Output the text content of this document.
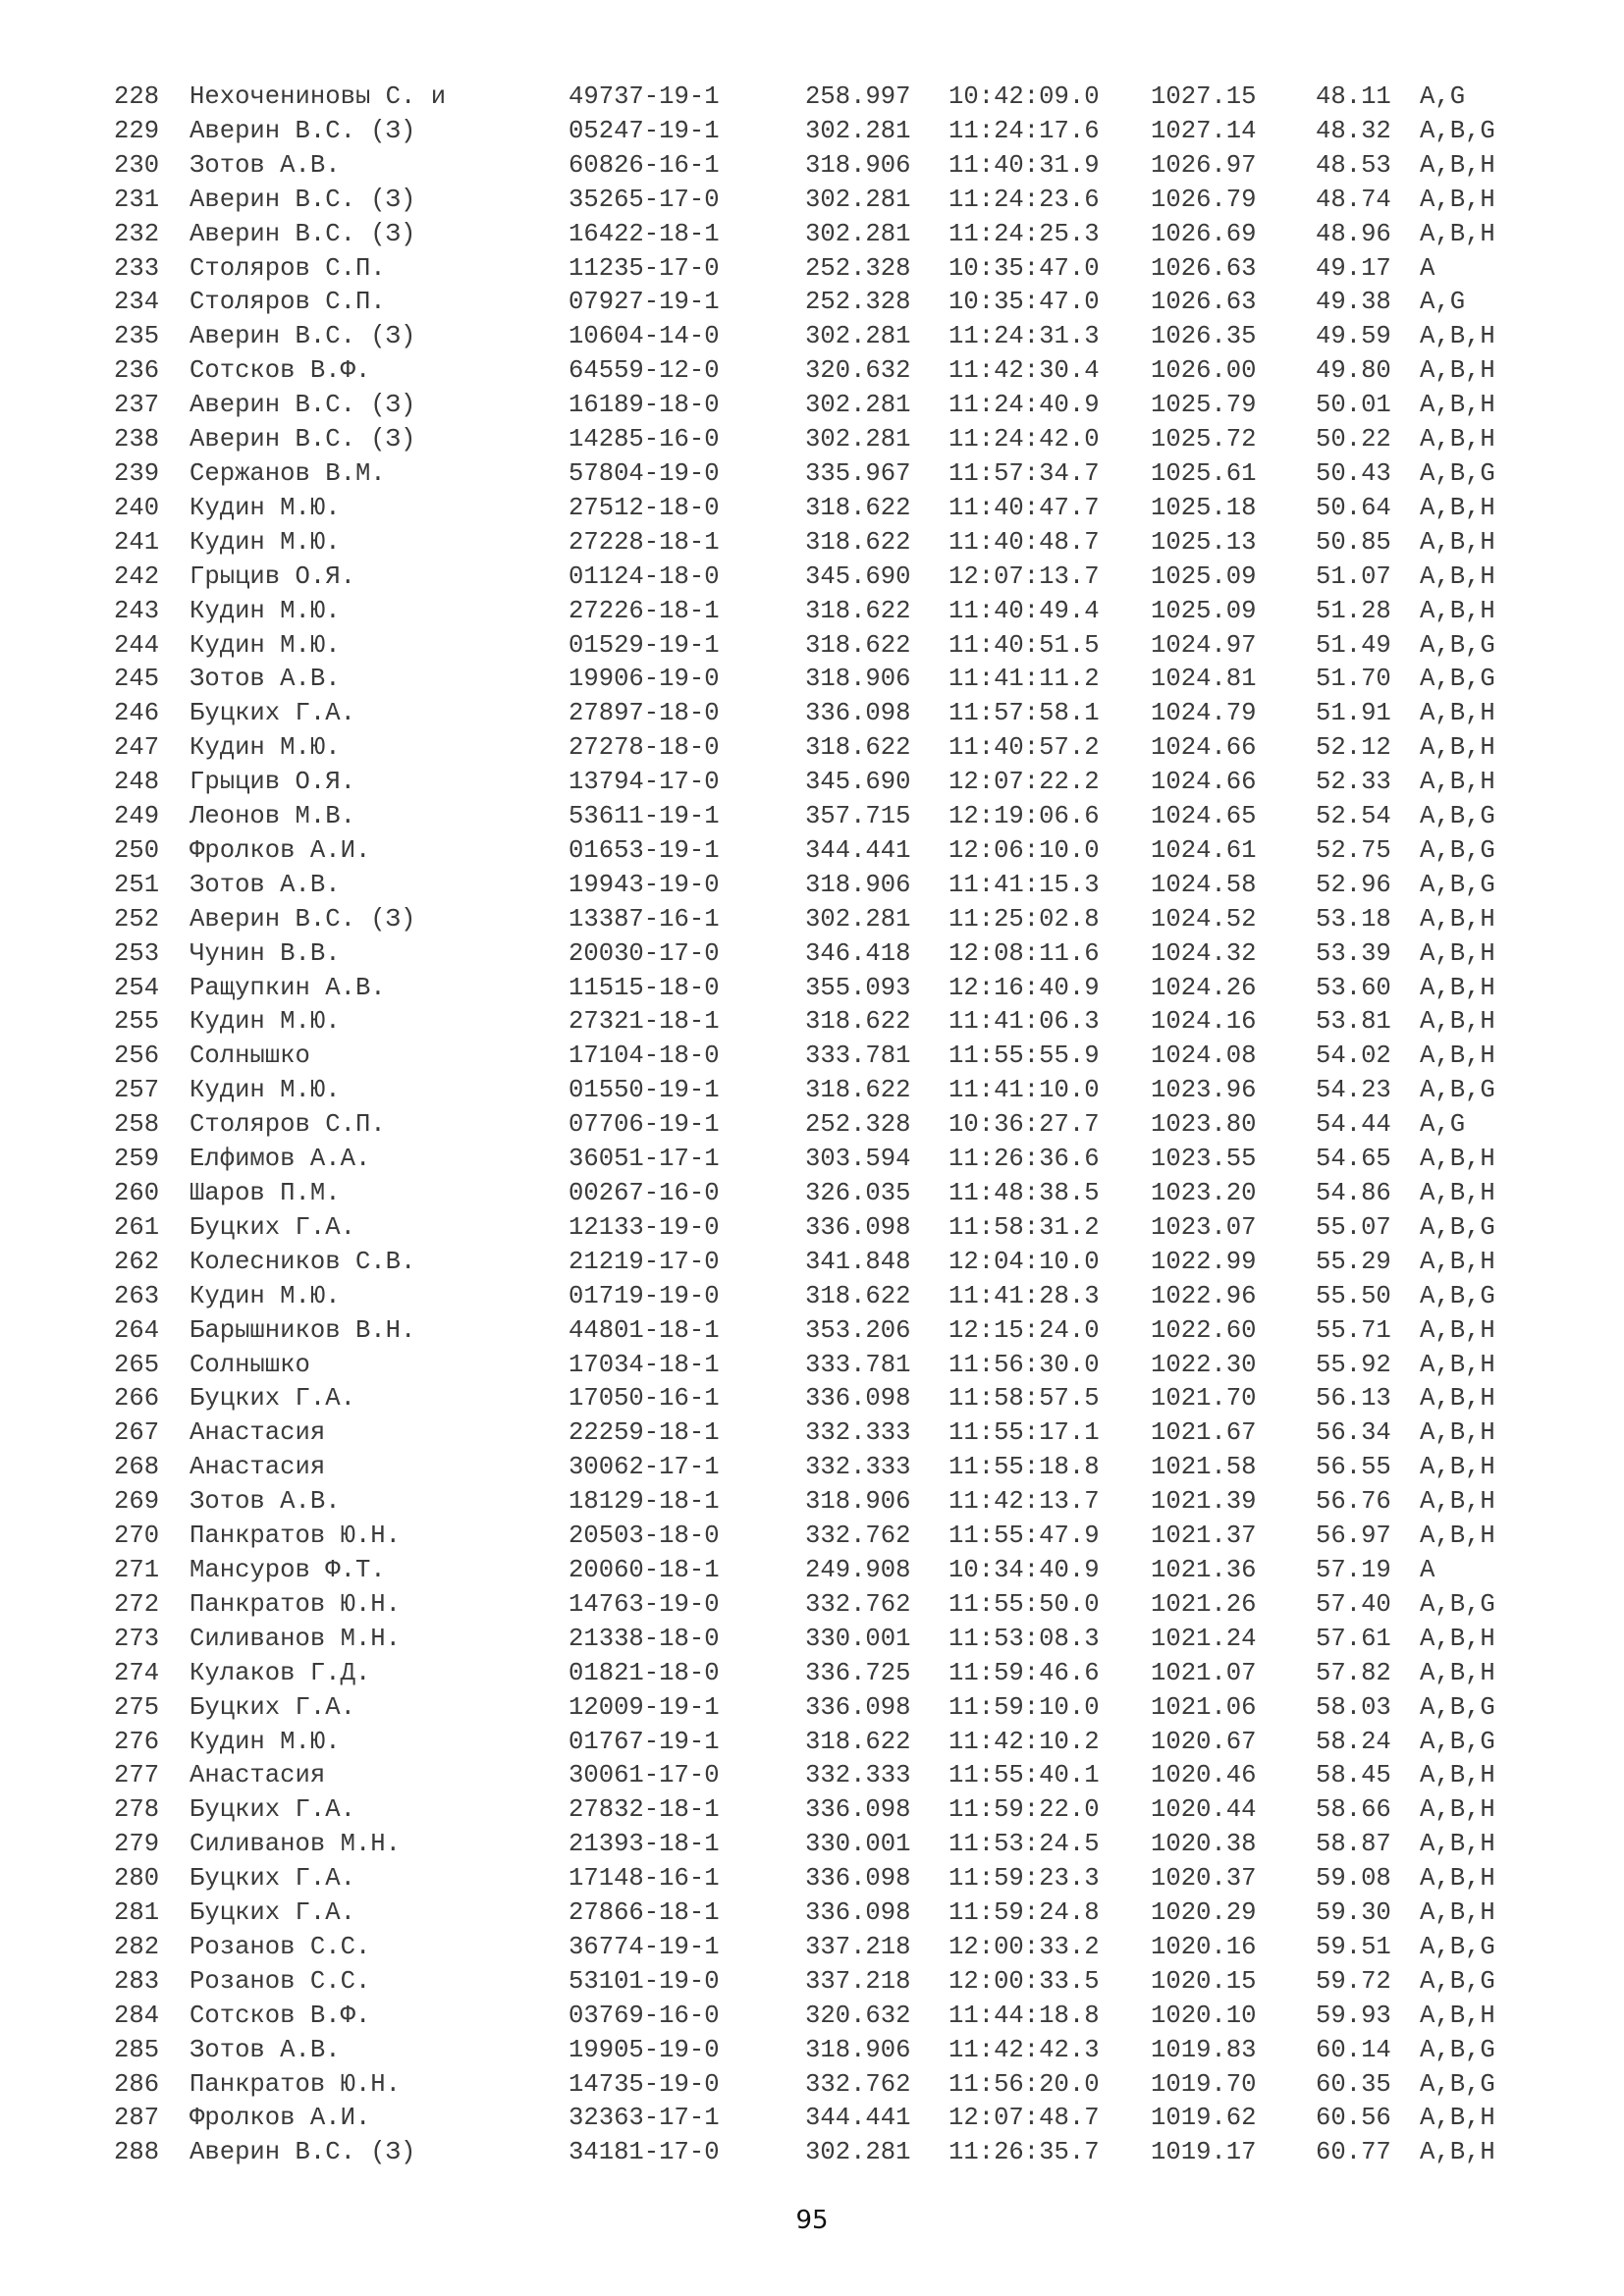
228 Нехочениновы С. и	49737-19-1	258.997 10:42:09.0 1027.15 48.11 A,G
229 Аверин В.С. (З)	05247-19-1	302.281 11:24:17.6 1027.14 48.32 A,B,G
230 Зотов А.В.	60826-16-1	318.906 11:40:31.9 1026.97 48.53 A,B,H
231 Аверин В.С. (З)	35265-17-0	302.281 11:24:23.6 1026.79 48.74 A,B,H
232 Аверин В.С. (З)	16422-18-1	302.281 11:24:25.3 1026.69 48.96 A,B,H
233 Столяров С.П.	11235-17-0	252.328 10:35:47.0 1026.63 49.17 A
234 Столяров С.П.	07927-19-1	252.328 10:35:47.0 1026.63 49.38 A,G
235 Аверин В.С. (З)	10604-14-0	302.281 11:24:31.3 1026.35 49.59 A,B,H
236 Сотсков В.Ф.	64559-12-0	320.632 11:42:30.4 1026.00 49.80 A,B,H
237 Аверин В.С. (З)	16189-18-0	302.281 11:24:40.9 1025.79 50.01 A,B,H
238 Аверин В.С. (З)	14285-16-0	302.281 11:24:42.0 1025.72 50.22 A,B,H
239 Сержанов В.М.	57804-19-0	335.967 11:57:34.7 1025.61 50.43 A,B,G
240 Кудин М.Ю.	27512-18-0	318.622 11:40:47.7 1025.18 50.64 A,B,H
241 Кудин М.Ю.	27228-18-1	318.622 11:40:48.7 1025.13 50.85 A,B,H
242 Грыцив О.Я.	01124-18-0	345.690 12:07:13.7 1025.09 51.07 A,B,H
243 Кудин М.Ю.	27226-18-1	318.622 11:40:49.4 1025.09 51.28 A,B,H
244 Кудин М.Ю.	01529-19-1	318.622 11:40:51.5 1024.97 51.49 A,B,G
245 Зотов А.В.	19906-19-0	318.906 11:41:11.2 1024.81 51.70 A,B,G
246 Буцких Г.А.	27897-18-0	336.098 11:57:58.1 1024.79 51.91 A,B,H
247 Кудин М.Ю.	27278-18-0	318.622 11:40:57.2 1024.66 52.12 A,B,H
248 Грыцив О.Я.	13794-17-0	345.690 12:07:22.2 1024.66 52.33 A,B,H
249 Леонов М.В.	53611-19-1	357.715 12:19:06.6 1024.65 52.54 A,B,G
250 Фролков А.И.	01653-19-1	344.441 12:06:10.0 1024.61 52.75 A,B,G
251 Зотов А.В.	19943-19-0	318.906 11:41:15.3 1024.58 52.96 A,B,G
252 Аверин В.С. (З)	13387-16-1	302.281 11:25:02.8 1024.52 53.18 A,B,H
253 Чунин В.В.	20030-17-0	346.418 12:08:11.6 1024.32 53.39 A,B,H
254 Ращупкин А.В.	11515-18-0	355.093 12:16:40.9 1024.26 53.60 A,B,H
255 Кудин М.Ю.	27321-18-1	318.622 11:41:06.3 1024.16 53.81 A,B,H
256 Солнышко	17104-18-0	333.781 11:55:55.9 1024.08 54.02 A,B,H
257 Кудин М.Ю.	01550-19-1	318.622 11:41:10.0 1023.96 54.23 A,B,G
258 Столяров С.П.	07706-19-1	252.328 10:36:27.7 1023.80 54.44 A,G
259 Елфимов А.А.	36051-17-1	303.594 11:26:36.6 1023.55 54.65 A,B,H
260 Шаров П.М.	00267-16-0	326.035 11:48:38.5 1023.20 54.86 A,B,H
261 Буцких Г.А.	12133-19-0	336.098 11:58:31.2 1023.07 55.07 A,B,G
262 Колесников С.В.	21219-17-0	341.848 12:04:10.0 1022.99 55.29 A,B,H
263 Кудин М.Ю.	01719-19-0	318.622 11:41:28.3 1022.96 55.50 A,B,G
264 Барышников В.Н.	44801-18-1	353.206 12:15:24.0 1022.60 55.71 A,B,H
265 Солнышко	17034-18-1	333.781 11:56:30.0 1022.30 55.92 A,B,H
266 Буцких Г.А.	17050-16-1	336.098 11:58:57.5 1021.70 56.13 A,B,H
267 Анастасия	22259-18-1	332.333 11:55:17.1 1021.67 56.34 A,B,H
268 Анастасия	30062-17-1	332.333 11:55:18.8 1021.58 56.55 A,B,H
269 Зотов А.В.	18129-18-1	318.906 11:42:13.7 1021.39 56.76 A,B,H
270 Панкратов Ю.Н.	20503-18-0	332.762 11:55:47.9 1021.37 56.97 A,B,H
271 Мансуров Ф.Т.	20060-18-1	249.908 10:34:40.9 1021.36 57.19 A
272 Панкратов Ю.Н.	14763-19-0	332.762 11:55:50.0 1021.26 57.40 A,B,G
273 Силиванов М.Н.	21338-18-0	330.001 11:53:08.3 1021.24 57.61 A,B,H
274 Кулаков Г.Д.	01821-18-0	336.725 11:59:46.6 1021.07 57.82 A,B,H
275 Буцких Г.А.	12009-19-1	336.098 11:59:10.0 1021.06 58.03 A,B,G
276 Кудин М.Ю.	01767-19-1	318.622 11:42:10.2 1020.67 58.24 A,B,G
277 Анастасия	30061-17-0	332.333 11:55:40.1 1020.46 58.45 A,B,H
278 Буцких Г.А.	27832-18-1	336.098 11:59:22.0 1020.44 58.66 A,B,H
279 Силиванов М.Н.	21393-18-1	330.001 11:53:24.5 1020.38 58.87 A,B,H
280 Буцких Г.А.	17148-16-1	336.098 11:59:23.3 1020.37 59.08 A,B,H
281 Буцких Г.А.	27866-18-1	336.098 11:59:24.8 1020.29 59.30 A,B,H
282 Розанов С.С.	36774-19-1	337.218 12:00:33.2 1020.16 59.51 A,B,G
283 Розанов С.С.	53101-19-0	337.218 12:00:33.5 1020.15 59.72 A,B,G
284 Сотсков В.Ф.	03769-16-0	320.632 11:44:18.8 1020.10 59.93 A,B,H
285 Зотов А.В.	19905-19-0	318.906 11:42:42.3 1019.83 60.14 A,B,G
286 Панкратов Ю.Н.	14735-19-0	332.762 11:56:20.0 1019.70 60.35 A,B,G
287 Фролков А.И.	32363-17-1	344.441 12:07:48.7 1019.62 60.56 A,B,H
288 Аверин В.С. (З)	34181-17-0	302.281 11:26:35.7 1019.17 60.77 A,B,H
95
